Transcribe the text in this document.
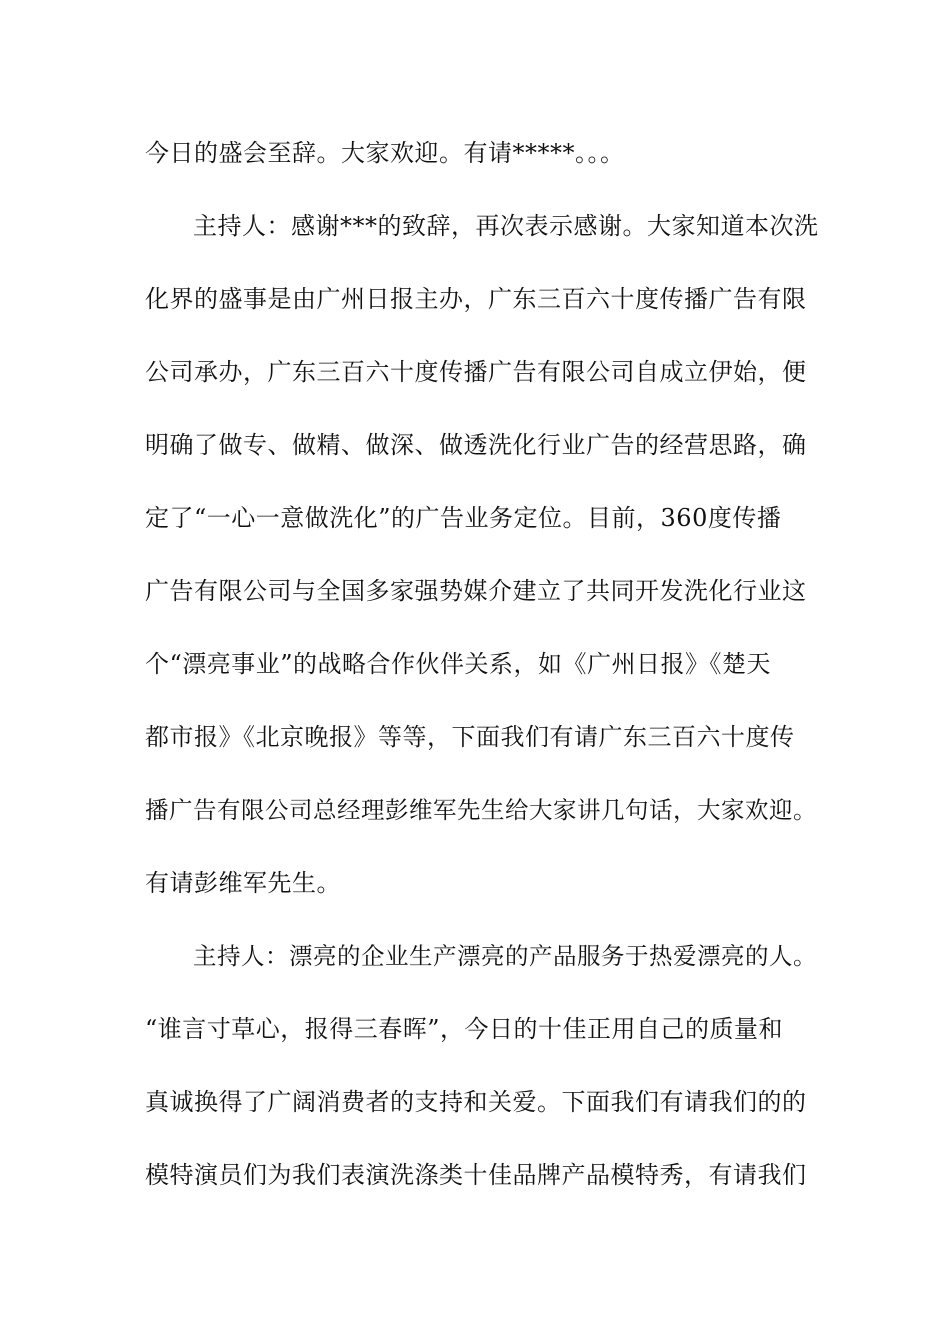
今日的盛会至辞。大家欢迎。有请*****。。。
主持人：感谢***的致辞，再次表示感谢。大家知道本次洗
化界的盛事是由广州日报主办，广东三百六十度传播广告有限
公司承办，广东三百六十度传播广告有限公司自成立伊始，便
明确了做专、做精、做深、做透洗化行业广告的经营思路，确
定了“一心一意做洗化”的广告业务定位。目前，360度传播
广告有限公司与全国多家强势媒介建立了共同开发洗化行业这
个“漂亮事业”的战略合作伙伴关系，如《广州日报》《楚天
都市报》《北京晚报》等等，下面我们有请广东三百六十度传
播广告有限公司总经理彭维军先生给大家讲几句话，大家欢迎。
有请彭维军先生。
主持人：漂亮的企业生产漂亮的产品服务于热爱漂亮的人。
“谁言寸草心，报得三春晖”，今日的十佳正用自己的质量和
真诚换得了广阔消费者的支持和关爱。下面我们有请我们的的
模特演员们为我们表演洗涤类十佳品牌产品模特秀，有请我们
